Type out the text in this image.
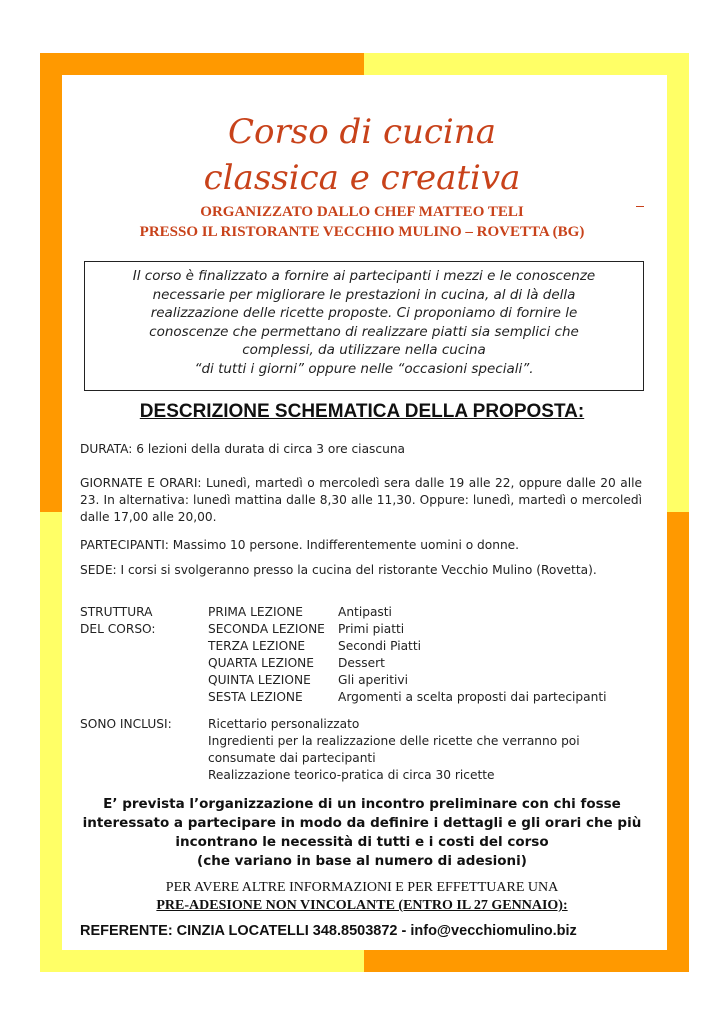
Corso di cucina
classica e creativa
ORGANIZZATO DALLO CHEF MATTEO TELI
PRESSO IL RISTORANTE VECCHIO MULINO – ROVETTA (BG)

Il corso è finalizzato a fornire ai partecipanti i mezzi e le conoscenze

necessarie per migliorare le prestazioni in cucina, al di là della

realizzazione delle ricette proposte. Ci proponiamo di fornire le

conoscenze che permettano di realizzare piatti sia semplici che

complessi, da utilizzare nella cucina

“di tutti i giorni” oppure nelle “occasioni speciali”.

DESCRIZIONE SCHEMATICA DELLA PROPOSTA:

DURATA: 6 lezioni della durata di circa 3 ore ciascuna

GIORNATE E ORARI: Lunedì, martedì o mercoledì sera dalle 19 alle 22, oppure dalle 20 alle 23. In alternativa: lunedì mattina dalle 8,30 alle 11,30. Oppure: lunedì, martedì o mercoledì dalle 17,00 alle 20,00.

PARTECIPANTI: Massimo 10 persone. Indifferentemente uomini o donne.

SEDE: I corsi si svolgeranno presso la cucina del ristorante Vecchio Mulino (Rovetta).

STRUTTURA
DEL CORSO:
PRIMA LEZIONE	Antipasti
SECONDA LEZIONE Primi piatti
TERZA LEZIONE	Secondi Piatti
QUARTA LEZIONE Dessert
QUINTA LEZIONE Gli aperitivi
SESTA LEZIONE	Argomenti a scelta proposti dai partecipanti
SONO INCLUSI:	Ricettario personalizzato
Ingredienti per la realizzazione delle ricette che verranno poi
consumate dai partecipanti
Realizzazione teorico-pratica di circa 30 ricette
E’ prevista l’organizzazione di un incontro preliminare con chi fosse
interessato a partecipare in modo da definire i dettagli e gli orari che più
incontrano le necessità di tutti e i costi del corso
(che variano in base al numero di adesioni)
PER AVERE ALTRE INFORMAZIONI E PER EFFETTUARE UNA
PRE-ADESIONE NON VINCOLANTE (ENTRO IL 27 GENNAIO):
REFERENTE: CINZIA LOCATELLI 348.8503872 - info@vecchiomulino.biz
